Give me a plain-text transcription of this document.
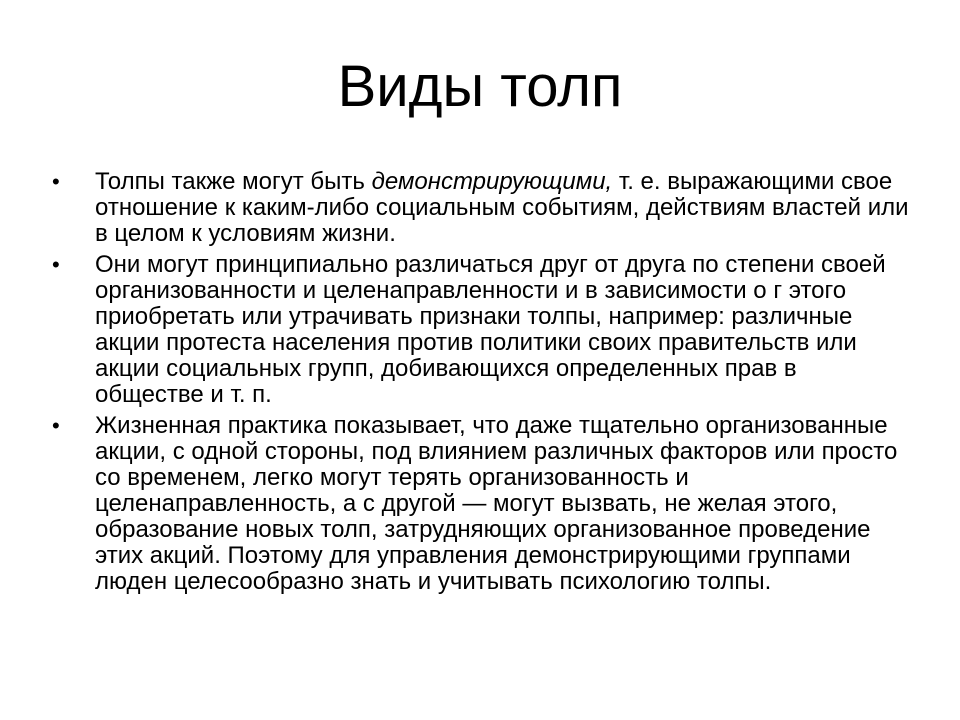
Виды толп
• Толпы также могут быть демонстрирующими, т. е. выражающими свое отношение к каким-либо социальным событиям, действиям властей или в целом к условиям жизни.
• Они могут принципиально различаться друг от друга по степени своей организованности и целенаправленности и в зависимости о г этого приобретать или утрачивать признаки толпы, например: различные акции протеста населения против политики своих правительств или акции социальных групп, добивающихся определенных прав в обществе и т. п.
• Жизненная практика показывает, что даже тщательно организованные акции, с одной стороны, под влиянием различных факторов или просто со временем, легко могут терять организованность и целенаправленность, а с другой — могут вызвать, не желая этого, образование новых толп, затрудняющих организованное проведение этих акций. Поэтому для управления демонстрирующими группами люден целесообразно знать и учитывать психологию толпы.
